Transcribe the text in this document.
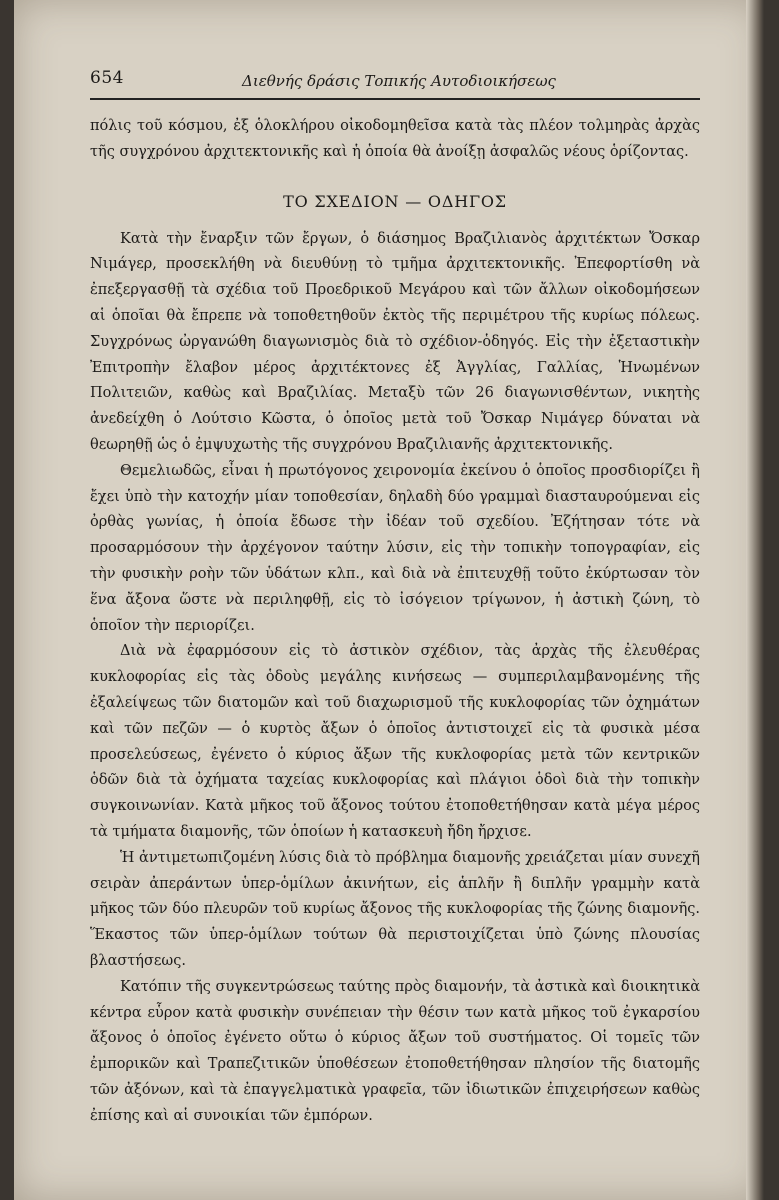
654	Διεθνής δράσις Τοπικής Αυτοδιοικήσεως

πόλις τοῦ κόσμου, ἐξ ὁλοκλήρου οἰκοδομηθεῖσα κατὰ τὰς πλέον τολμηρὰς ἀρχὰς τῆς συγχρόνου ἀρχιτεκτονικῆς καὶ ἡ ὁποία θὰ ἀνοίξῃ ἀσφαλῶς νέους ὁρίζοντας.

ΤΟ ΣΧΕΔΙΟΝ — ΟΔΗΓΟΣ

Κατὰ τὴν ἔναρξιν τῶν ἔργων, ὁ διάσημος Βραζιλιανὸς ἀρχιτέκτων Ὄσκαρ Νιμάγερ, προσεκλήθη νὰ διευθύνῃ τὸ τμῆμα ἀρχιτεκτονικῆς. Ἐπεφορτίσθη νὰ ἐπεξεργασθῇ τὰ σχέδια τοῦ Προεδρικοῦ Μεγάρου καὶ τῶν ἄλλων οἰκοδομήσεων αἱ ὁποῖαι θὰ ἔπρεπε νὰ τοποθετηθοῦν ἐκτὸς τῆς περιμέτρου τῆς κυρίως πόλεως. Συγχρόνως ὠργανώθη διαγωνισμὸς διὰ τὸ σχέδιον-ὁδηγός. Εἰς τὴν ἐξεταστικὴν Ἐπιτροπὴν ἔλαβον μέρος ἀρχιτέκτονες ἐξ Ἀγγλίας, Γαλλίας, Ἡνωμένων Πολιτειῶν, καθὼς καὶ Βραζιλίας. Μεταξὺ τῶν 26 διαγωνισθέντων, νικητὴς ἀνεδείχθη ὁ Λούτσιο Κῶστα, ὁ ὁποῖος μετὰ τοῦ Ὄσκαρ Νιμάγερ δύναται νὰ θεωρηθῇ ὡς ὁ ἐμψυχωτὴς τῆς συγχρόνου Βραζιλιανῆς ἀρχιτεκτονικῆς.

Θεμελιωδῶς, εἶναι ἡ πρωτόγονος χειρονομία ἐκείνου ὁ ὁποῖος προσδιορίζει ἢ ἔχει ὑπὸ τὴν κατοχήν μίαν τοποθεσίαν, δηλαδὴ δύο γραμμαὶ διασταυρούμεναι εἰς ὀρθὰς γωνίας, ἡ ὁποία ἔδωσε τὴν ἰδέαν τοῦ σχεδίου. Ἐζήτησαν τότε νὰ προσαρμόσουν τὴν ἀρχέγονον ταύτην λύσιν, εἰς τὴν τοπικὴν τοπογραφίαν, εἰς τὴν φυσικὴν ροὴν τῶν ὑδάτων κλπ., καὶ διὰ νὰ ἐπιτευχθῇ τοῦτο ἐκύρτωσαν τὸν ἕνα ἄξονα ὥστε νὰ περιληφθῇ, εἰς τὸ ἰσόγειον τρίγωνον, ἡ ἀστικὴ ζώνη, τὸ ὁποῖον τὴν περιορίζει.

Διὰ νὰ ἐφαρμόσουν εἰς τὸ ἀστικὸν σχέδιον, τὰς ἀρχὰς τῆς ἐλευθέρας κυκλοφορίας εἰς τὰς ὁδοὺς μεγάλης κινήσεως — συμπεριλαμβανομένης τῆς ἐξαλείψεως τῶν διατομῶν καὶ τοῦ διαχωρισμοῦ τῆς κυκλοφορίας τῶν ὀχημάτων καὶ τῶν πεζῶν — ὁ κυρτὸς ἄξων ὁ ὁποῖος ἀντιστοιχεῖ εἰς τὰ φυσικὰ μέσα προσελεύσεως, ἐγένετο ὁ κύριος ἄξων τῆς κυκλοφορίας μετὰ τῶν κεντρικῶν ὁδῶν διὰ τὰ ὀχήματα ταχείας κυκλοφορίας καὶ πλάγιοι ὁδοὶ διὰ τὴν τοπικὴν συγκοινωνίαν. Κατὰ μῆκος τοῦ ἄξονος τούτου ἐτοποθετήθησαν κατὰ μέγα μέρος τὰ τμήματα διαμονῆς, τῶν ὁποίων ἡ κατασκευὴ ἤδη ἤρχισε.

Ἡ ἀντιμετωπιζομένη λύσις διὰ τὸ πρόβλημα διαμονῆς χρειάζεται μίαν συνεχῆ σειρὰν ἀπεράντων ὑπερ-ὁμίλων ἀκινήτων, εἰς ἁπλῆν ἢ διπλῆν γραμμὴν κατὰ μῆκος τῶν δύο πλευρῶν τοῦ κυρίως ἄξονος τῆς κυκλοφορίας τῆς ζώνης διαμονῆς. Ἕκαστος τῶν ὑπερ-ὁμίλων τούτων θὰ περιστοιχίζεται ὑπὸ ζώνης πλουσίας βλαστήσεως.

Κατόπιν τῆς συγκεντρώσεως ταύτης πρὸς διαμονήν, τὰ ἀστικὰ καὶ διοικητικὰ κέντρα εὗρον κατὰ φυσικὴν συνέπειαν τὴν θέσιν των κατὰ μῆκος τοῦ ἐγκαρσίου ἄξονος ὁ ὁποῖος ἐγένετο οὕτω ὁ κύριος ἄξων τοῦ συστήματος. Οἱ τομεῖς τῶν ἐμπορικῶν καὶ Τραπεζιτικῶν ὑποθέσεων ἐτοποθετήθησαν πλησίον τῆς διατομῆς τῶν ἀξόνων, καὶ τὰ ἐπαγγελματικὰ γραφεῖα, τῶν ἰδιωτικῶν ἐπιχειρήσεων καθὼς ἐπίσης καὶ αἱ συνοικίαι τῶν ἐμπόρων.
